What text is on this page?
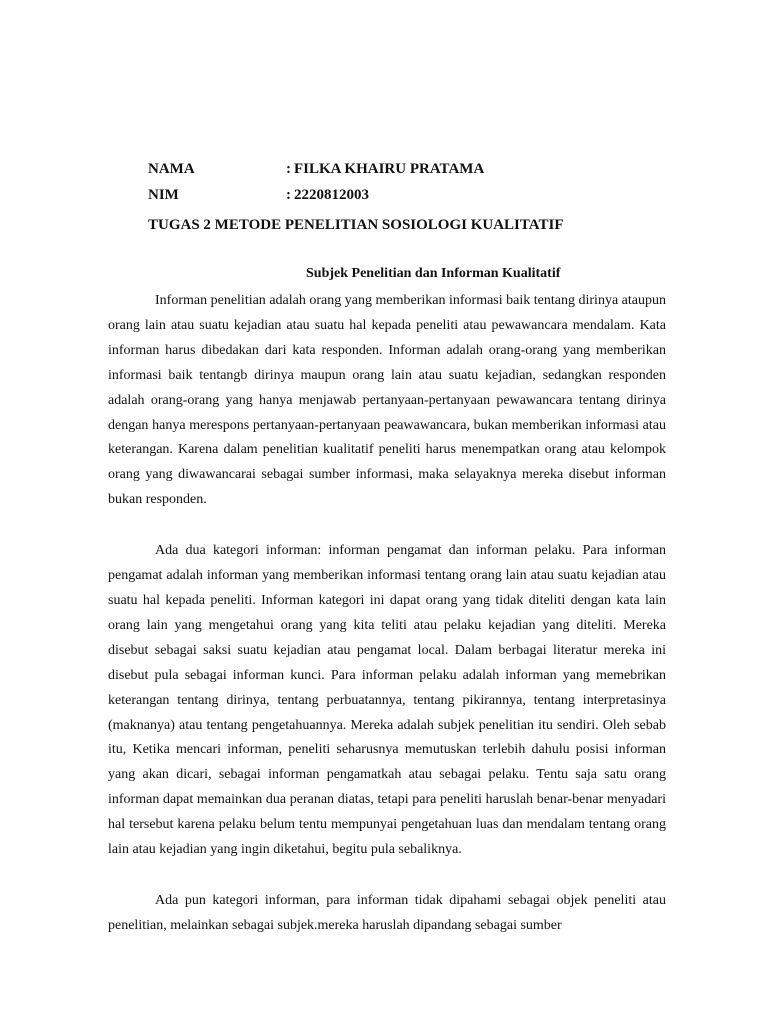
NAMA	: FILKA KHAIRU PRATAMA
NIM	: 2220812003
TUGAS 2 METODE PENELITIAN SOSIOLOGI KUALITATIF
Subjek Penelitian dan Informan Kualitatif

Informan penelitian adalah orang yang memberikan informasi baik tentang dirinya ataupun orang lain atau suatu kejadian atau suatu hal kepada peneliti atau pewawancara mendalam. Kata informan harus dibedakan dari kata responden. Informan adalah orang-orang yang memberikan informasi baik tentangb dirinya maupun orang lain atau suatu kejadian, sedangkan responden adalah orang-orang yang hanya menjawab pertanyaan-pertanyaan pewawancara tentang dirinya dengan hanya merespons pertanyaan-pertanyaan peawawancara, bukan memberikan informasi atau keterangan. Karena dalam penelitian kualitatif peneliti harus menempatkan orang atau kelompok orang yang diwawancarai sebagai sumber informasi, maka selayaknya mereka disebut informan bukan responden.

Ada dua kategori informan: informan pengamat dan informan pelaku. Para informan pengamat adalah informan yang memberikan informasi tentang orang lain atau suatu kejadian atau suatu hal kepada peneliti. Informan kategori ini dapat orang yang tidak diteliti dengan kata lain orang lain yang mengetahui orang yang kita teliti atau pelaku kejadian yang diteliti. Mereka disebut sebagai saksi suatu kejadian atau pengamat local. Dalam berbagai literatur mereka ini disebut pula sebagai informan kunci. Para informan pelaku adalah informan yang memebrikan keterangan tentang dirinya, tentang perbuatannya, tentang pikirannya, tentang interpretasinya (maknanya) atau tentang pengetahuannya. Mereka adalah subjek penelitian itu sendiri. Oleh sebab itu, Ketika mencari informan, peneliti seharusnya memutuskan terlebih dahulu posisi informan yang akan dicari, sebagai informan pengamatkah atau sebagai pelaku. Tentu saja satu orang informan dapat memainkan dua peranan diatas, tetapi para peneliti haruslah benar-benar menyadari hal tersebut karena pelaku belum tentu mempunyai pengetahuan luas dan mendalam tentang orang lain atau kejadian yang ingin diketahui, begitu pula sebaliknya.

Ada pun kategori informan, para informan tidak dipahami sebagai objek peneliti atau penelitian, melainkan sebagai subjek.mereka haruslah dipandang sebagai sumber
